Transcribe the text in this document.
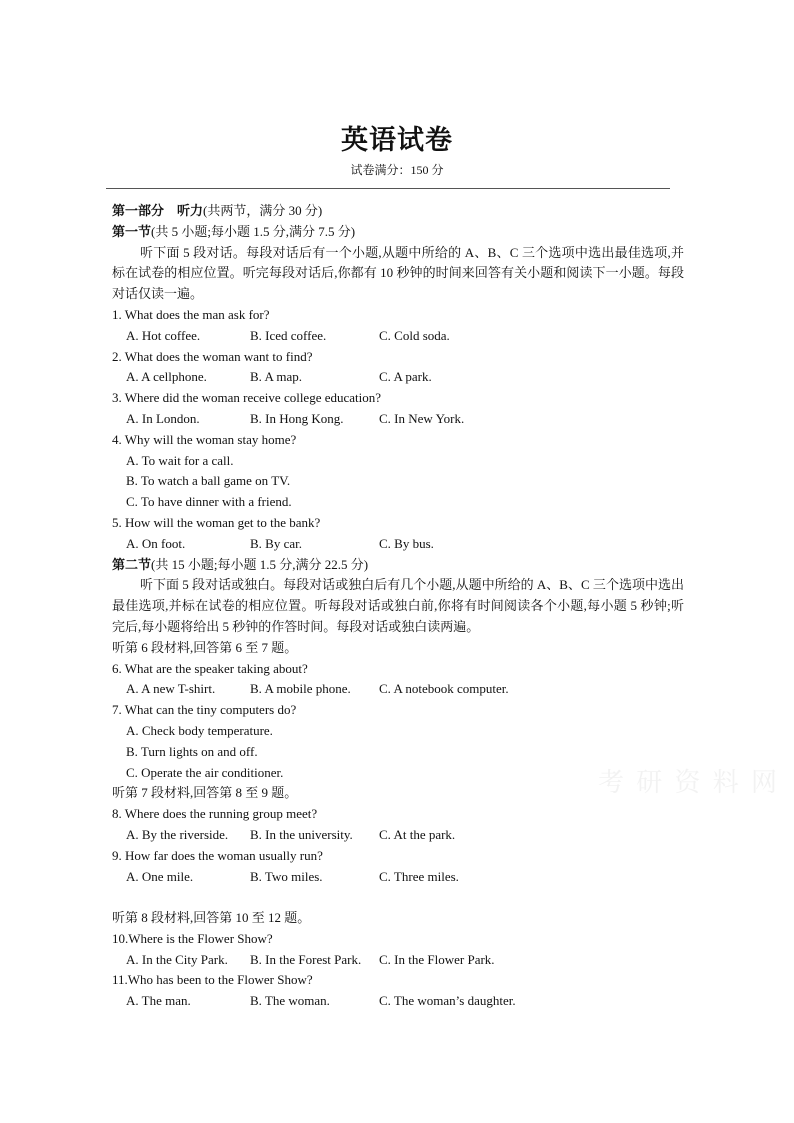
英语试卷
试卷满分：150 分
第一部分　听力(共两节，满分 30 分)
第一节(共 5 小题;每小题 1.5 分,满分 7.5 分)
听下面 5 段对话。每段对话后有一个小题,从题中所给的 A、B、C 三个选项中选出最佳选项,并标在试卷的相应位置。听完每段对话后,你都有 10 秒钟的时间来回答有关小题和阅读下一小题。每段对话仅读一遍。
1. What does the man ask for?
A. Hot coffee.	B. Iced coffee.	C. Cold soda.
2. What does the woman want to find?
A. A cellphone.	B. A map.	C. A park.
3. Where did the woman receive college education?
A. In London.	B. In Hong Kong.	C. In New York.
4. Why will the woman stay home?
A. To wait for a call.
B. To watch a ball game on TV.
C. To have dinner with a friend.
5. How will the woman get to the bank?
A. On foot.	B. By car.	C. By bus.
第二节(共 15 小题;每小题 1.5 分,满分 22.5 分)
听下面 5 段对话或独白。每段对话或独白后有几个小题,从题中所给的 A、B、C 三个选项中选出最佳选项,并标在试卷的相应位置。听每段对话或独白前,你将有时间阅读各个小题,每小题 5 秒钟;听完后,每小题将给出 5 秒钟的作答时间。每段对话或独白读两遍。
听第 6 段材料,回答第 6 至 7 题。
6. What are the speaker taking about?
A. A new T-shirt.	B. A mobile phone. C. A notebook computer.
7. What can the tiny computers do?
A. Check body temperature.
B. Turn lights on and off.
C. Operate the air conditioner.
听第 7 段材料,回答第 8 至 9 题。
8. Where does the running group meet?
A. By the riverside. B. In the university. C. At the park.
9. How far does the woman usually run?
A. One mile.	B. Two miles.	C. Three miles.
听第 8 段材料,回答第 10 至 12 题。
10.Where is the Flower Show?
A. In the City Park. B. In the Forest Park. C. In the Flower Park.
11.Who has been to the Flower Show?
A. The man.	B. The woman.	C. The woman’s daughter.
考 研 资 料 网
